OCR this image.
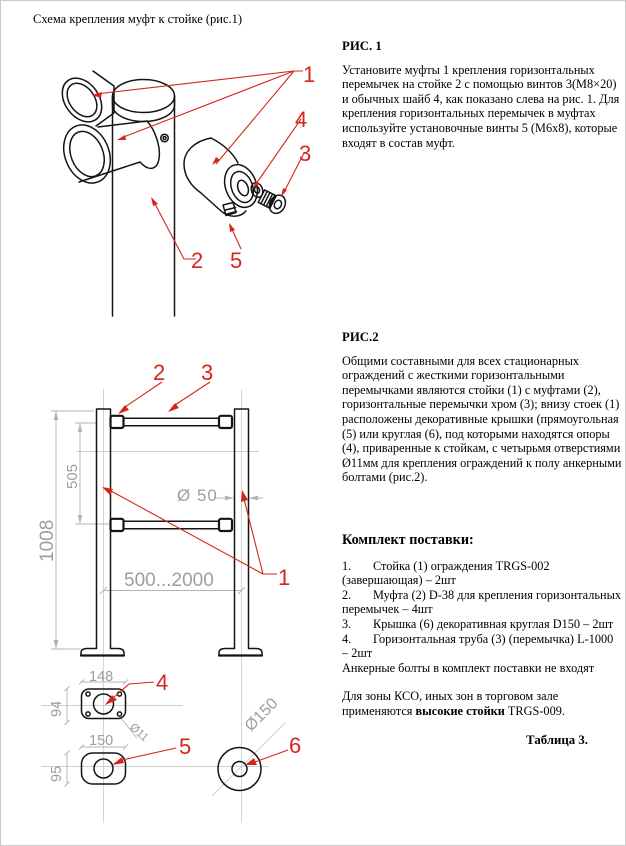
Схема крепления муфт к стойке (рис.1)
1
4
3
2 5
1008
505
Ø 50
500...2000
148
94
Ø11
150
95
Ø150
2 3
1
4
5	6

РИС. 1

Установите муфты 1 крепления горизонтальных перемычек на стойке 2 с помощью винтов 3(М8×20) и обычных шайб 4, как показано слева на рис. 1. Для крепления горизонтальных перемычек в муфтах используйте установочные винты 5 (М6х8), которые входят в состав муфт.

РИС.2

Общими составными для всех стационарных ограждений с жесткими горизонтальными перемычками являются стойки (1) с муфтами (2), горизонтальные перемычки хром (3); внизу стоек (1) расположены декоративные крышки (прямоугольная (5) или круглая (6), под которыми находятся опоры (4), приваренные к стойкам, с четырьмя отверстиями Ø11мм для крепления ограждений к полу анкерными болтами (рис.2).

Комплект поставки:

1. Стойка (1) ограждения TRGS-002 (завершающая) – 2шт

2. Муфта (2) D-38 для крепления горизонтальных перемычек – 4шт

3. Крышка (6) декоративная круглая D150 – 2шт

4. Горизонтальная труба (3) (перемычка) L-1000 – 2шт

Анкерные болты в комплект поставки не входят

Для зоны КСО, иных зон в торговом зале применяются высокие стойки TRGS-009.

Таблица 3.
